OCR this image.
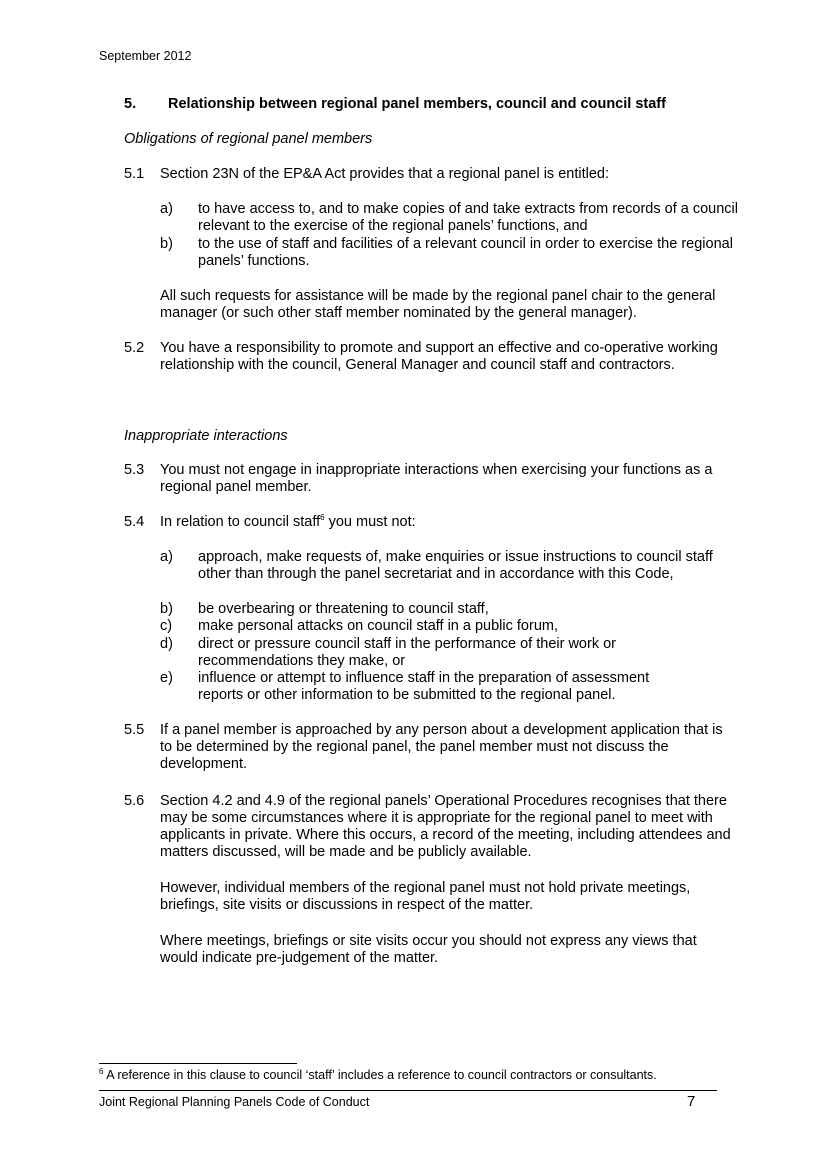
September 2012
5. Relationship between regional panel members, council and council staff
Obligations of regional panel members
5.1 Section 23N of the EP&A Act provides that a regional panel is entitled:
a) to have access to, and to make copies of and take extracts from records of a council relevant to the exercise of the regional panels’ functions, and
b) to the use of staff and facilities of a relevant council in order to exercise the regional panels’ functions.
All such requests for assistance will be made by the regional panel chair to the general manager (or such other staff member nominated by the general manager).
5.2 You have a responsibility to promote and support an effective and co-operative working relationship with the council, General Manager and council staff and contractors.
Inappropriate interactions
5.3 You must not engage in inappropriate interactions when exercising your functions as a regional panel member.
5.4 In relation to council staff$^6$ you must not:
a) approach, make requests of, make enquiries or issue instructions to council staff other than through the panel secretariat and in accordance with this Code,
b) be overbearing or threatening to council staff,
c) make personal attacks on council staff in a public forum,
d) direct or pressure council staff in the performance of their work or recommendations they make, or
e) influence or attempt to influence staff in the preparation of assessment reports or other information to be submitted to the regional panel.
5.5 If a panel member is approached by any person about a development application that is to be determined by the regional panel, the panel member must not discuss the development.
5.6 Section 4.2 and 4.9 of the regional panels’ Operational Procedures recognises that there may be some circumstances where it is appropriate for the regional panel to meet with applicants in private. Where this occurs, a record of the meeting, including attendees and matters discussed, will be made and be publicly available.
However, individual members of the regional panel must not hold private meetings, briefings, site visits or discussions in respect of the matter.
Where meetings, briefings or site visits occur you should not express any views that would indicate pre-judgement of the matter.
$^6$ A reference in this clause to council ‘staff’ includes a reference to council contractors or consultants.
Joint Regional Planning Panels Code of Conduct	7
